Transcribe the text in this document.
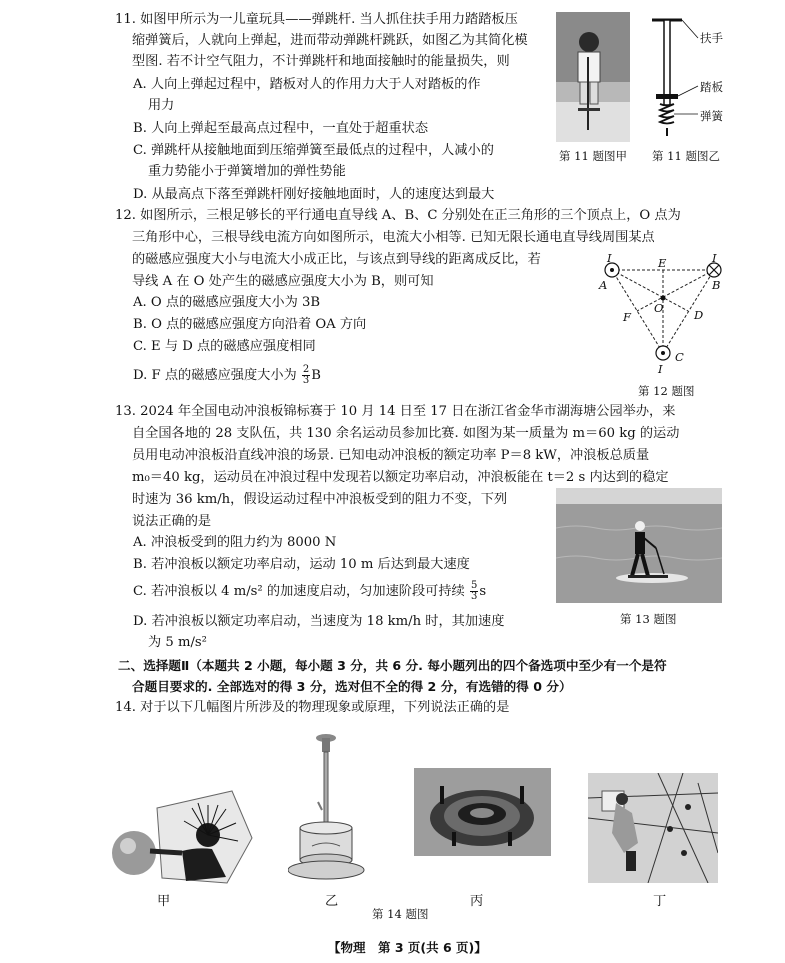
11. 如图甲所示为一儿童玩具——弹跳杆. 当人抓住扶手用力踏踏板压
缩弹簧后，人就向上弹起，进而带动弹跳杆跳跃，如图乙为其简化模
型图. 若不计空气阻力，不计弹跳杆和地面接触时的能量损失，则
A. 人向上弹起过程中，踏板对人的作用力大于人对踏板的作
用力
B. 人向上弹起至最高点过程中，一直处于超重状态
C. 弹跳杆从接触地面到压缩弹簧至最低点的过程中，人减小的
重力势能小于弹簧增加的弹性势能
D. 从最高点下落至弹跳杆刚好接触地面时，人的速度达到最大
第 11 题图甲
扶手
踏板
弹簧
第 11 题图乙
12. 如图所示，三根足够长的平行通电直导线 A、B、C 分别处在正三角形的三个顶点上，O 点为
三角形中心，三根导线电流方向如图所示，电流大小相等. 已知无限长通电直导线周围某点
的磁感应强度大小与电流大小成正比，与该点到导线的距离成反比，若
导线 A 在 O 处产生的磁感应强度大小为 B，则可知
A. O 点的磁感应强度大小为 3B
B. O 点的磁感应强度方向沿着 OA 方向
C. E 与 D 点的磁感应强度相同
D. F 点的磁感应强度大小为 $\frac{2}{3}$ B
I	I
I
A	B
C
E
D
F
O
第 12 题图
13. 2024 年全国电动冲浪板锦标赛于 10 月 14 日至 17 日在浙江省金华市湖海塘公园举办，来
自全国各地的 28 支队伍，共 130 余名运动员参加比赛. 如图为某一质量为 m＝60 kg 的运动
员用电动冲浪板沿直线冲浪的场景. 已知电动冲浪板的额定功率 P＝8 kW，冲浪板总质量
m₀＝40 kg，运动员在冲浪过程中发现若以额定功率启动，冲浪板能在 t＝2 s 内达到的稳定
时速为 36 km/h，假设运动过程中冲浪板受到的阻力不变，下列
说法正确的是
A. 冲浪板受到的阻力约为 8000 N
B. 若冲浪板以额定功率启动，运动 10 m 后达到最大速度
C. 若冲浪板以 4 m/s² 的加速度启动，匀加速阶段可持续 $\frac{5}{3}$ s
D. 若冲浪板以额定功率启动，当速度为 18 km/h 时，其加速度
为 5 m/s²
第 13 题图
二、选择题Ⅱ（本题共 2 小题，每小题 3 分，共 6 分. 每小题列出的四个备选项中至少有一个是符
合题目要求的. 全部选对的得 3 分，选对但不全的得 2 分，有选错的得 0 分）
14. 对于以下几幅图片所涉及的物理现象或原理，下列说法正确的是
甲	乙	丙	丁
第 14 题图
【物理　第 3 页(共 6 页)】
